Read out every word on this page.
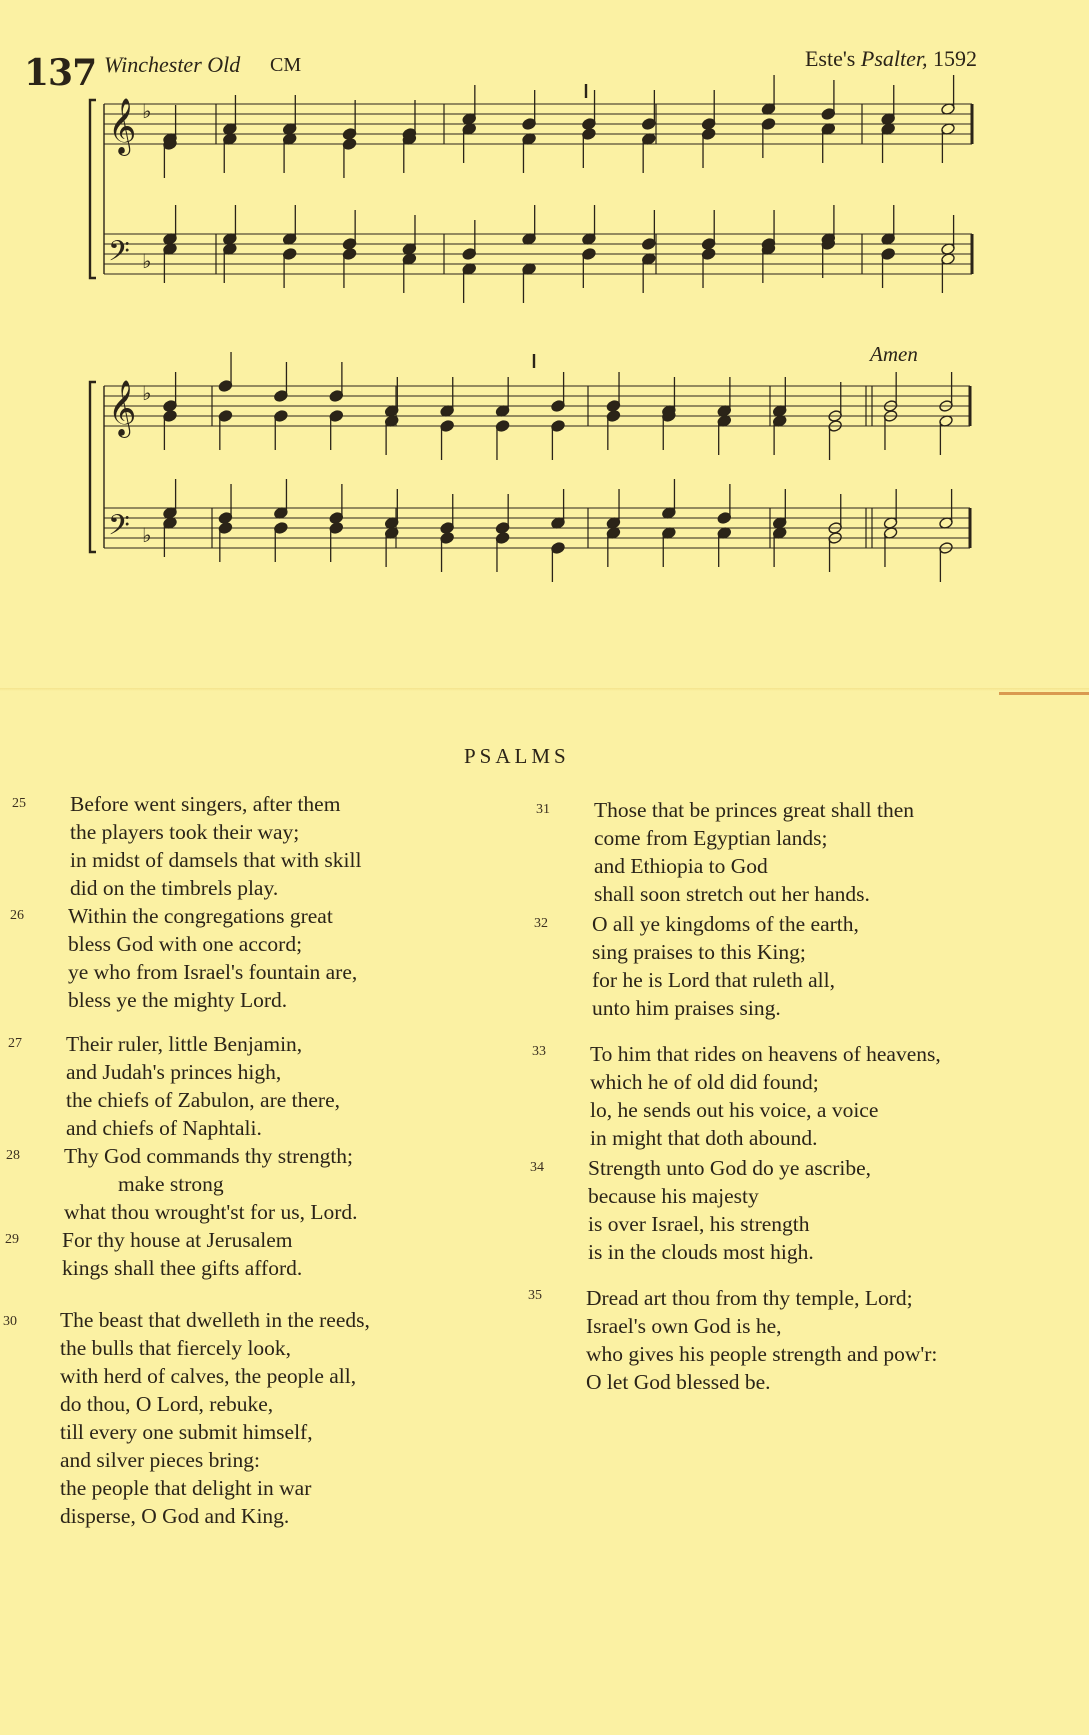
137 Winchester Old CM	Este's Psalter, 1592
𝄞
𝄢
♭
♭
𝄞
𝄢
♭
♭
Amen
PSALMS
25 Before went singers, after them
the players took their way;
in midst of damsels that with skill
did on the timbrels play.
26 Within the congregations great
bless God with one accord;
ye who from Israel's fountain are,
bless ye the mighty Lord.
27 Their ruler, little Benjamin,
and Judah's princes high,
the chiefs of Zabulon, are there,
and chiefs of Naphtali.
28 Thy God commands thy strength;
make strong
what thou wrought'st for us, Lord.
29 For thy house at Jerusalem
kings shall thee gifts afford.
30 The beast that dwelleth in the reeds,
the bulls that fiercely look,
with herd of calves, the people all,
do thou, O Lord, rebuke,
till every one submit himself,
and silver pieces bring:
the people that delight in war
disperse, O God and King.
31 Those that be princes great shall then
come from Egyptian lands;
and Ethiopia to God
shall soon stretch out her hands.
32 O all ye kingdoms of the earth,
sing praises to this King;
for he is Lord that ruleth all,
unto him praises sing.
33 To him that rides on heavens of heavens,
which he of old did found;
lo, he sends out his voice, a voice
in might that doth abound.
34 Strength unto God do ye ascribe,
because his majesty
is over Israel, his strength
is in the clouds most high.
35 Dread art thou from thy temple, Lord;
Israel's own God is he,
who gives his people strength and pow'r:
O let God blessed be.
